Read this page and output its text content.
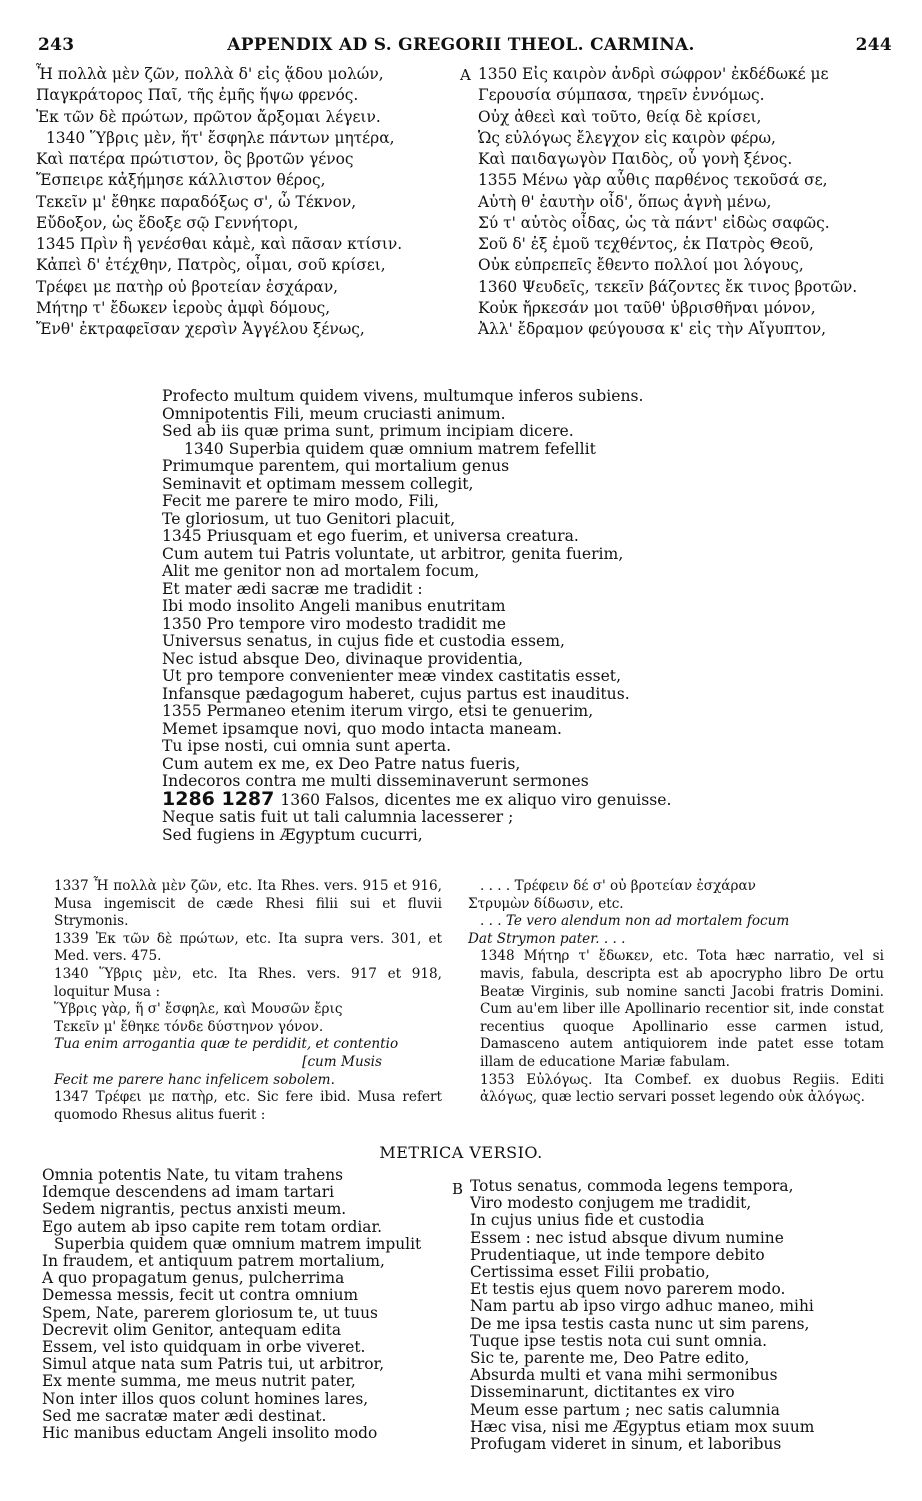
243	APPENDIX AD S. GREGORII THEOL. CARMINA.	244
Ἦ πολλὰ μὲν ζῶν, πολλὰ δ' εἰς ᾅδου μολών,
Παγκράτορος Παῖ, τῆς ἐμῆς ἥψω φρενός.
Ἐκ τῶν δὲ πρώτων, πρῶτον ἄρξομαι λέγειν.
1340 Ὕβρις μὲν, ἥτ' ἔσφηλε πάντων μητέρα,
Καὶ πατέρα πρώτιστον, ὃς βροτῶν γένος
Ἔσπειρε κἀξήμησε κάλλιστον θέρος,
Τεκεῖν μ' ἔθηκε παραδόξως σ', ὦ Τέκνον,
Εὔδοξον, ὡς ἔδοξε σῷ Γεννήτορι,
1345 Πρὶν ἢ γενέσθαι κἀμὲ, καὶ πᾶσαν κτίσιν.
Κἀπεὶ δ' ἐτέχθην, Πατρὸς, οἶμαι, σοῦ κρίσει,
Τρέφει με πατὴρ οὐ βροτείαν ἐσχάραν,
Μήτηρ τ' ἔδωκεν ἱεροὺς ἀμφὶ δόμους,
Ἔνθ' ἐκτραφεῖσαν χερσὶν Ἀγγέλου ξένως,
A 1350 Εἰς καιρὸν ἀνδρὶ σώφρον' ἐκδέδωκέ με
Γερουσία σύμπασα, τηρεῖν ἐννόμως.
Οὐχ ἀθεεὶ καὶ τοῦτο, θείᾳ δὲ κρίσει,
Ὡς εὐλόγως ἔλεγχον εἰς καιρὸν φέρω,
Καὶ παιδαγωγὸν Παιδὸς, οὗ γονὴ ξένος.
1355 Μένω γὰρ αὖθις παρθένος τεκοῦσά σε,
Αὐτὴ θ' ἑαυτὴν οἶδ', ὅπως ἁγνὴ μένω,
Σύ τ' αὐτὸς οἶδας, ὡς τὰ πάντ' εἰδὼς σαφῶς.
Σοῦ δ' ἐξ ἐμοῦ τεχθέντος, ἐκ Πατρὸς Θεοῦ,
Οὐκ εὐπρεπεῖς ἔθεντο πολλοί μοι λόγους,
1360 Ψευδεῖς, τεκεῖν βάζοντες ἔκ τινος βροτῶν.
Κοὐκ ἤρκεσάν μοι ταῦθ' ὑβρισθῆναι μόνον,
Ἀλλ' ἔδραμον φεύγουσα κ' εἰς τὴν Αἴγυπτον,
Profecto multum quidem vivens, multumque inferos subiens.
Omnipotentis Fili, meum cruciasti animum.
Sed ab iis quæ prima sunt, primum incipiam dicere.
1340 Superbia quidem quæ omnium matrem fefellit
Primumque parentem, qui mortalium genus
Seminavit et optimam messem collegit,
Fecit me parere te miro modo, Fili,
Te gloriosum, ut tuo Genitori placuit,
1345 Priusquam et ego fuerim, et universa creatura.
Cum autem tui Patris voluntate, ut arbitror, genita fuerim,
Alit me genitor non ad mortalem focum,
Et mater ædi sacræ me tradidit :
Ibi modo insolito Angeli manibus enutritam
1350 Pro tempore viro modesto tradidit me
Universus senatus, in cujus fide et custodia essem,
Nec istud absque Deo, divinaque providentia,
Ut pro tempore convenienter meæ vindex castitatis esset,
Infansque pædagogum haberet, cujus partus est inauditus.
1355 Permaneo etenim iterum virgo, etsi te genuerim,
Memet ipsamque novi, quo modo intacta maneam.
Tu ipse nosti, cui omnia sunt aperta.
Cum autem ex me, ex Deo Patre natus fueris,
Indecoros contra me multi disseminaverunt sermones
1286 1287 1360 Falsos, dicentes me ex aliquo viro genuisse.
Neque satis fuit ut tali calumnia lacesserer ;
Sed fugiens in Ægyptum cucurri,

1337 Ἦ πολλὰ μὲν ζῶν, etc. Ita Rhes. vers. 915 et 916, Musa ingemiscit de cæde Rhesi filii sui et fluvii Strymonis.

1339 Ἐκ τῶν δὲ πρώτων, etc. Ita supra vers. 301, et Med. vers. 475.

1340 Ὕβρις μὲν, etc. Ita Rhes. vers. 917 et 918, loquitur Musa :

Ὕβρις γὰρ, ἥ σ' ἔσφηλε, καὶ Μουσῶν ἔρις

Τεκεῖν μ' ἔθηκε τόνδε δύστηνον γόνον.

Tua enim arrogantia quæ te perdidit, et contentio

[cum Musis

Fecit me parere hanc infelicem sobolem.

1347 Τρέφει με πατὴρ, etc. Sic fere ibid. Musa refert quomodo Rhesus alitus fuerit :

. . . . Τρέφειν δέ σ' οὐ βροτείαν ἐσχάραν

Στρυμὼν δίδωσιν, etc.

. . . Te vero alendum non ad mortalem focum

Dat Strymon pater. . . .

1348 Μήτηρ τ' ἔδωκεν, etc. Tota hæc narratio, vel si mavis, fabula, descripta est ab apocrypho libro De ortu Beatæ Virginis, sub nomine sancti Jacobi fratris Domini. Cum au'em liber ille Apollinario recentior sit, inde constat recentius quoque Apollinario esse carmen istud, Damasceno autem antiquiorem inde patet esse totam illam de educatione Mariæ fabulam.

1353 Εὐλόγως. Ita Combef. ex duobus Regiis. Editi ἀλόγως, quæ lectio servari posset legendo οὐκ ἀλόγως.

METRICA VERSIO.
Omnia potentis Nate, tu vitam trahens
Idemque descendens ad imam tartari
Sedem nigrantis, pectus anxisti meum.
Ego autem ab ipso capite rem totam ordiar.
Superbia quidem quæ omnium matrem impulit
In fraudem, et antiquum patrem mortalium,
A quo propagatum genus, pulcherrima
Demessa messis, fecit ut contra omnium
Spem, Nate, parerem gloriosum te, ut tuus
Decrevit olim Genitor, antequam edita
Essem, vel isto quidquam in orbe viveret.
Simul atque nata sum Patris tui, ut arbitror,
Ex mente summa, me meus nutrit pater,
Non inter illos quos colunt homines lares,
Sed me sacratæ mater ædi destinat.
Hic manibus eductam Angeli insolito modo
B Totus senatus, commoda legens tempora,
Viro modesto conjugem me tradidit,
In cujus unius fide et custodia
Essem : nec istud absque divum numine
Prudentiaque, ut inde tempore debito
Certissima esset Filii probatio,
Et testis ejus quem novo parerem modo.
Nam partu ab ipso virgo adhuc maneo, mihi
De me ipsa testis casta nunc ut sim parens,
Tuque ipse testis nota cui sunt omnia.
Sic te, parente me, Deo Patre edito,
Absurda multi et vana mihi sermonibus
Disseminarunt, dictitantes ex viro
Meum esse partum ; nec satis calumnia
Hæc visa, nisi me Ægyptus etiam mox suum
Profugam videret in sinum, et laboribus
